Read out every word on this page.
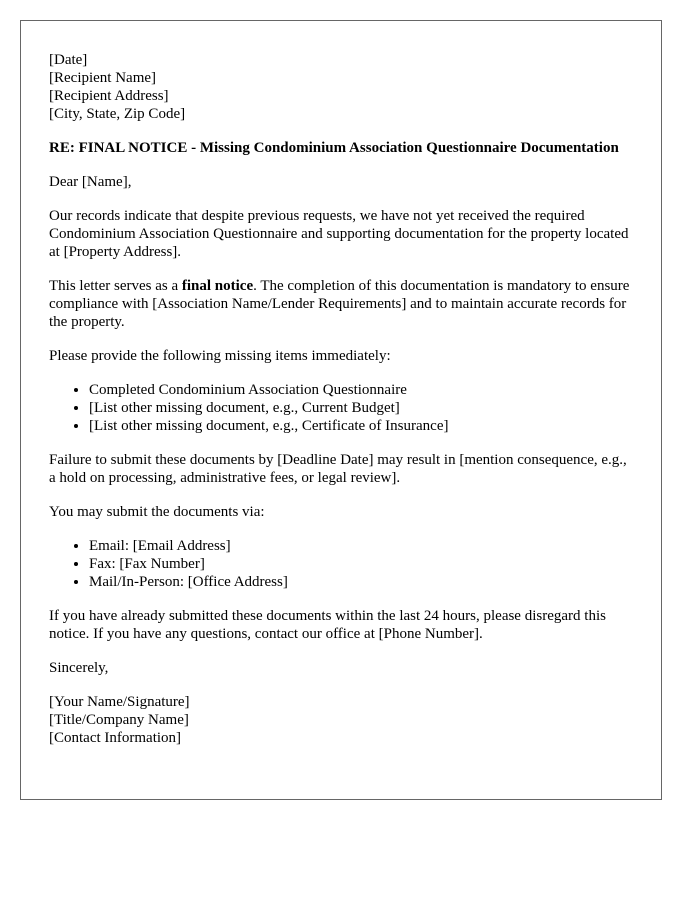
[Date]
[Recipient Name]
[Recipient Address]
[City, State, Zip Code]
RE: FINAL NOTICE - Missing Condominium Association Questionnaire Documentation

Dear [Name],

Our records indicate that despite previous requests, we have not yet received the required Condominium Association Questionnaire and supporting documentation for the property located at [Property Address].

This letter serves as a final notice. The completion of this documentation is mandatory to ensure compliance with [Association Name/Lender Requirements] and to maintain accurate records for the property.

Please provide the following missing items immediately:

• Completed Condominium Association Questionnaire
• [List other missing document, e.g., Current Budget]
• [List other missing document, e.g., Certificate of Insurance]

Failure to submit these documents by [Deadline Date] may result in [mention consequence, e.g., a hold on processing, administrative fees, or legal review].

You may submit the documents via:

• Email: [Email Address]
• Fax: [Fax Number]
• Mail/In-Person: [Office Address]

If you have already submitted these documents within the last 24 hours, please disregard this notice. If you have any questions, contact our office at [Phone Number].

Sincerely,

[Your Name/Signature]
[Title/Company Name]
[Contact Information]
